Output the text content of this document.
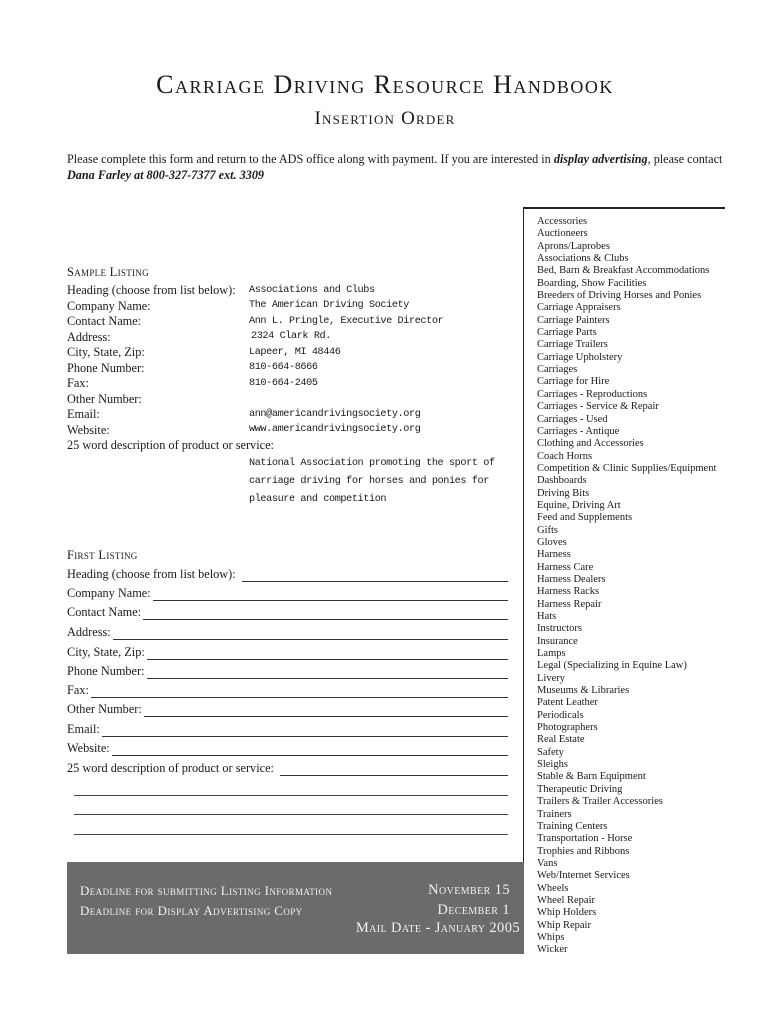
Carriage Driving Resource Handbook
Insertion Order
Please complete this form and return to the ADS office along with payment. If you are interested in display advertising, please contact Dana Farley at 800-327-7377 ext. 3309
Accessories
Auctioneers
Aprons/Laprobes
Associations & Clubs
Bed, Barn & Breakfast Accommodations
Boarding, Show Facilities
Breeders of Driving Horses and Ponies
Carriage Appraisers
Carriage Painters
Carriage Parts
Carriage Trailers
Carriage Upholstery
Carriages
Carriage for Hire
Carriages - Reproductions
Carriages - Service & Repair
Carriages - Used
Carriages - Antique
Clothing and Accessories
Coach Horns
Competition & Clinic Supplies/Equipment
Dashboards
Driving Bits
Equine, Driving Art
Feed and Supplements
Gifts
Gloves
Harness
Harness Care
Harness Dealers
Harness Racks
Harness Repair
Hats
Instructors
Insurance
Lamps
Legal (Specializing in Equine Law)
Livery
Museums & Libraries
Patent Leather
Periodicals
Photographers
Real Estate
Safety
Sleighs
Stable & Barn Equipment
Therapeutic Driving
Trailers & Trailer Accessories
Trainers
Training Centers
Transportation - Horse
Trophies and Ribbons
Vans
Web/Internet Services
Wheels
Wheel Repair
Whip Holders
Whip Repair
Whips
Wicker
Sample Listing
Heading (choose from list below):
Company Name:
Contact Name:
Address:
City, State, Zip:
Phone Number:
Fax:
Other Number:
Email:
Website:
25 word description of product or service:
Associations and Clubs
The American Driving Society
Ann L. Pringle, Executive Director
2324 Clark Rd.
Lapeer, MI 48446
810-664-8666
810-664-2405
ann@americandrivingsociety.org
www.americandrivingsociety.org
National Association promoting the sport of carriage driving for horses and ponies for pleasure and competition
First Listing
Heading (choose from list below):
Company Name:
Contact Name:
Address:
City, State, Zip:
Phone Number:
Fax:
Other Number:
Email:
Website:
25 word description of product or service:
Deadline for submitting Listing Information	November 15
Deadline for Display Advertising Copy	December 1
Mail Date - January 2005
